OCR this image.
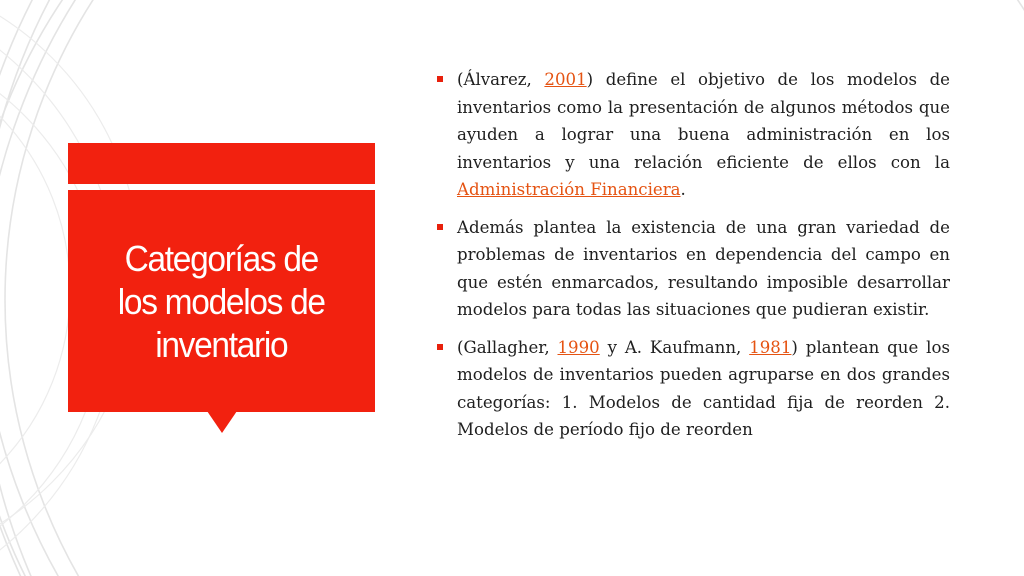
Categorías de
los modelos de
inventario
(Álvarez, 2001) define el objetivo de los modelos de inventarios como la presentación de algunos métodos que ayuden a lograr una buena administración en los inventarios y una relación eficiente de ellos con la Administración Financiera.
Además plantea la existencia de una gran variedad de problemas de inventarios en dependencia del campo en que estén enmarcados, resultando imposible desarrollar modelos para todas las situaciones que pudieran existir.
(Gallagher, 1990 y A. Kaufmann, 1981) plantean que los modelos de inventarios pueden agruparse en dos grandes categorías: 1. Modelos de cantidad fija de reorden 2. Modelos de período fijo de reorden
